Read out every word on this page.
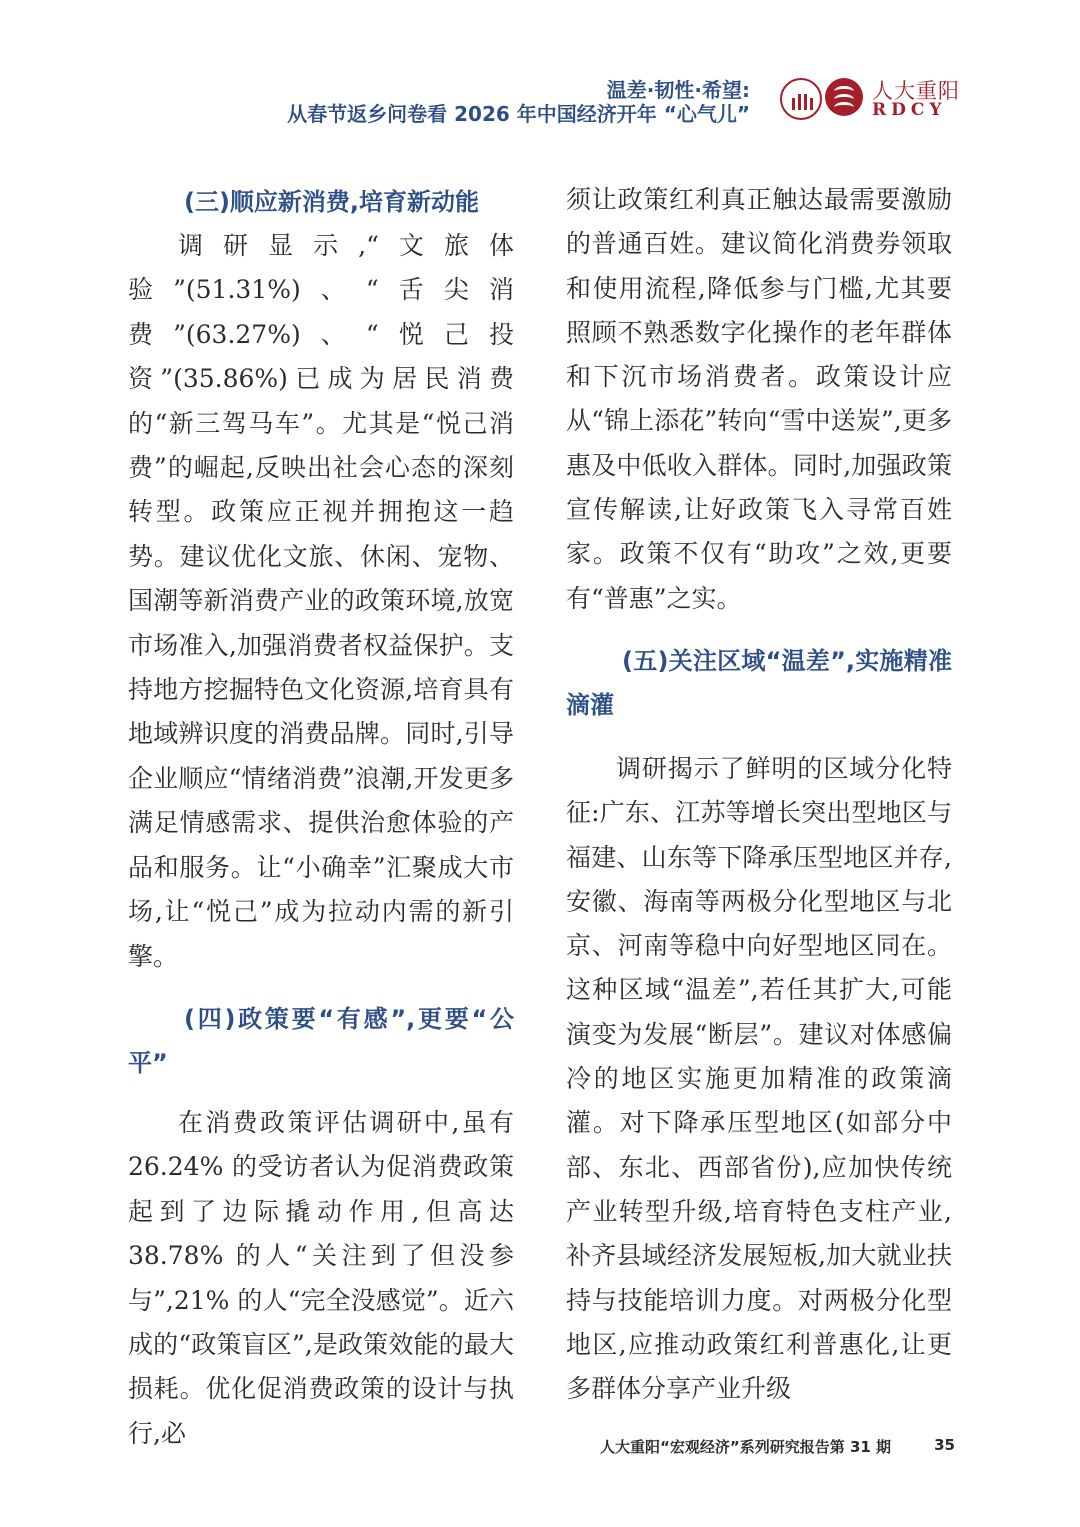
温差·韧性·希望:
从春节返乡问卷看 2026 年中国经济开年 “心气儿”
人大重阳
RDCY
(三)顺应新消费,培育新动能

调研显示,“文旅体验”(51.31%)、“舌尖消费”(63.27%)、“悦己投资”(35.86%)已成为居民消费的“新三驾马车”。尤其是“悦己消费”的崛起,反映出社会心态的深刻转型。政策应正视并拥抱这一趋势。建议优化文旅、休闲、宠物、国潮等新消费产业的政策环境,放宽市场准入,加强消费者权益保护。支持地方挖掘特色文化资源,培育具有地域辨识度的消费品牌。同时,引导企业顺应“情绪消费”浪潮,开发更多满足情感需求、提供治愈体验的产品和服务。让“小确幸”汇聚成大市场,让“悦己”成为拉动内需的新引擎。

(四)政策要“有感”,更要“公平”

在消费政策评估调研中,虽有 26.24% 的受访者认为促消费政策起到了边际撬动作用,但高达 38.78% 的人“关注到了但没参与”,21% 的人“完全没感觉”。近六成的“政策盲区”,是政策效能的最大损耗。优化促消费政策的设计与执行,必

须让政策红利真正触达最需要激励的普通百姓。建议简化消费券领取和使用流程,降低参与门槛,尤其要照顾不熟悉数字化操作的老年群体和下沉市场消费者。政策设计应从“锦上添花”转向“雪中送炭”,更多惠及中低收入群体。同时,加强政策宣传解读,让好政策飞入寻常百姓家。政策不仅有“助攻”之效,更要有“普惠”之实。

(五)关注区域“温差”,实施精准滴灌

调研揭示了鲜明的区域分化特征:广东、江苏等增长突出型地区与福建、山东等下降承压型地区并存,安徽、海南等两极分化型地区与北京、河南等稳中向好型地区同在。这种区域“温差”,若任其扩大,可能演变为发展“断层”。建议对体感偏冷的地区实施更加精准的政策滴灌。对下降承压型地区(如部分中部、东北、西部省份),应加快传统产业转型升级,培育特色支柱产业,补齐县域经济发展短板,加大就业扶持与技能培训力度。对两极分化型地区,应推动政策红利普惠化,让更多群体分享产业升级

人大重阳“宏观经济”系列研究报告第 31 期	35
